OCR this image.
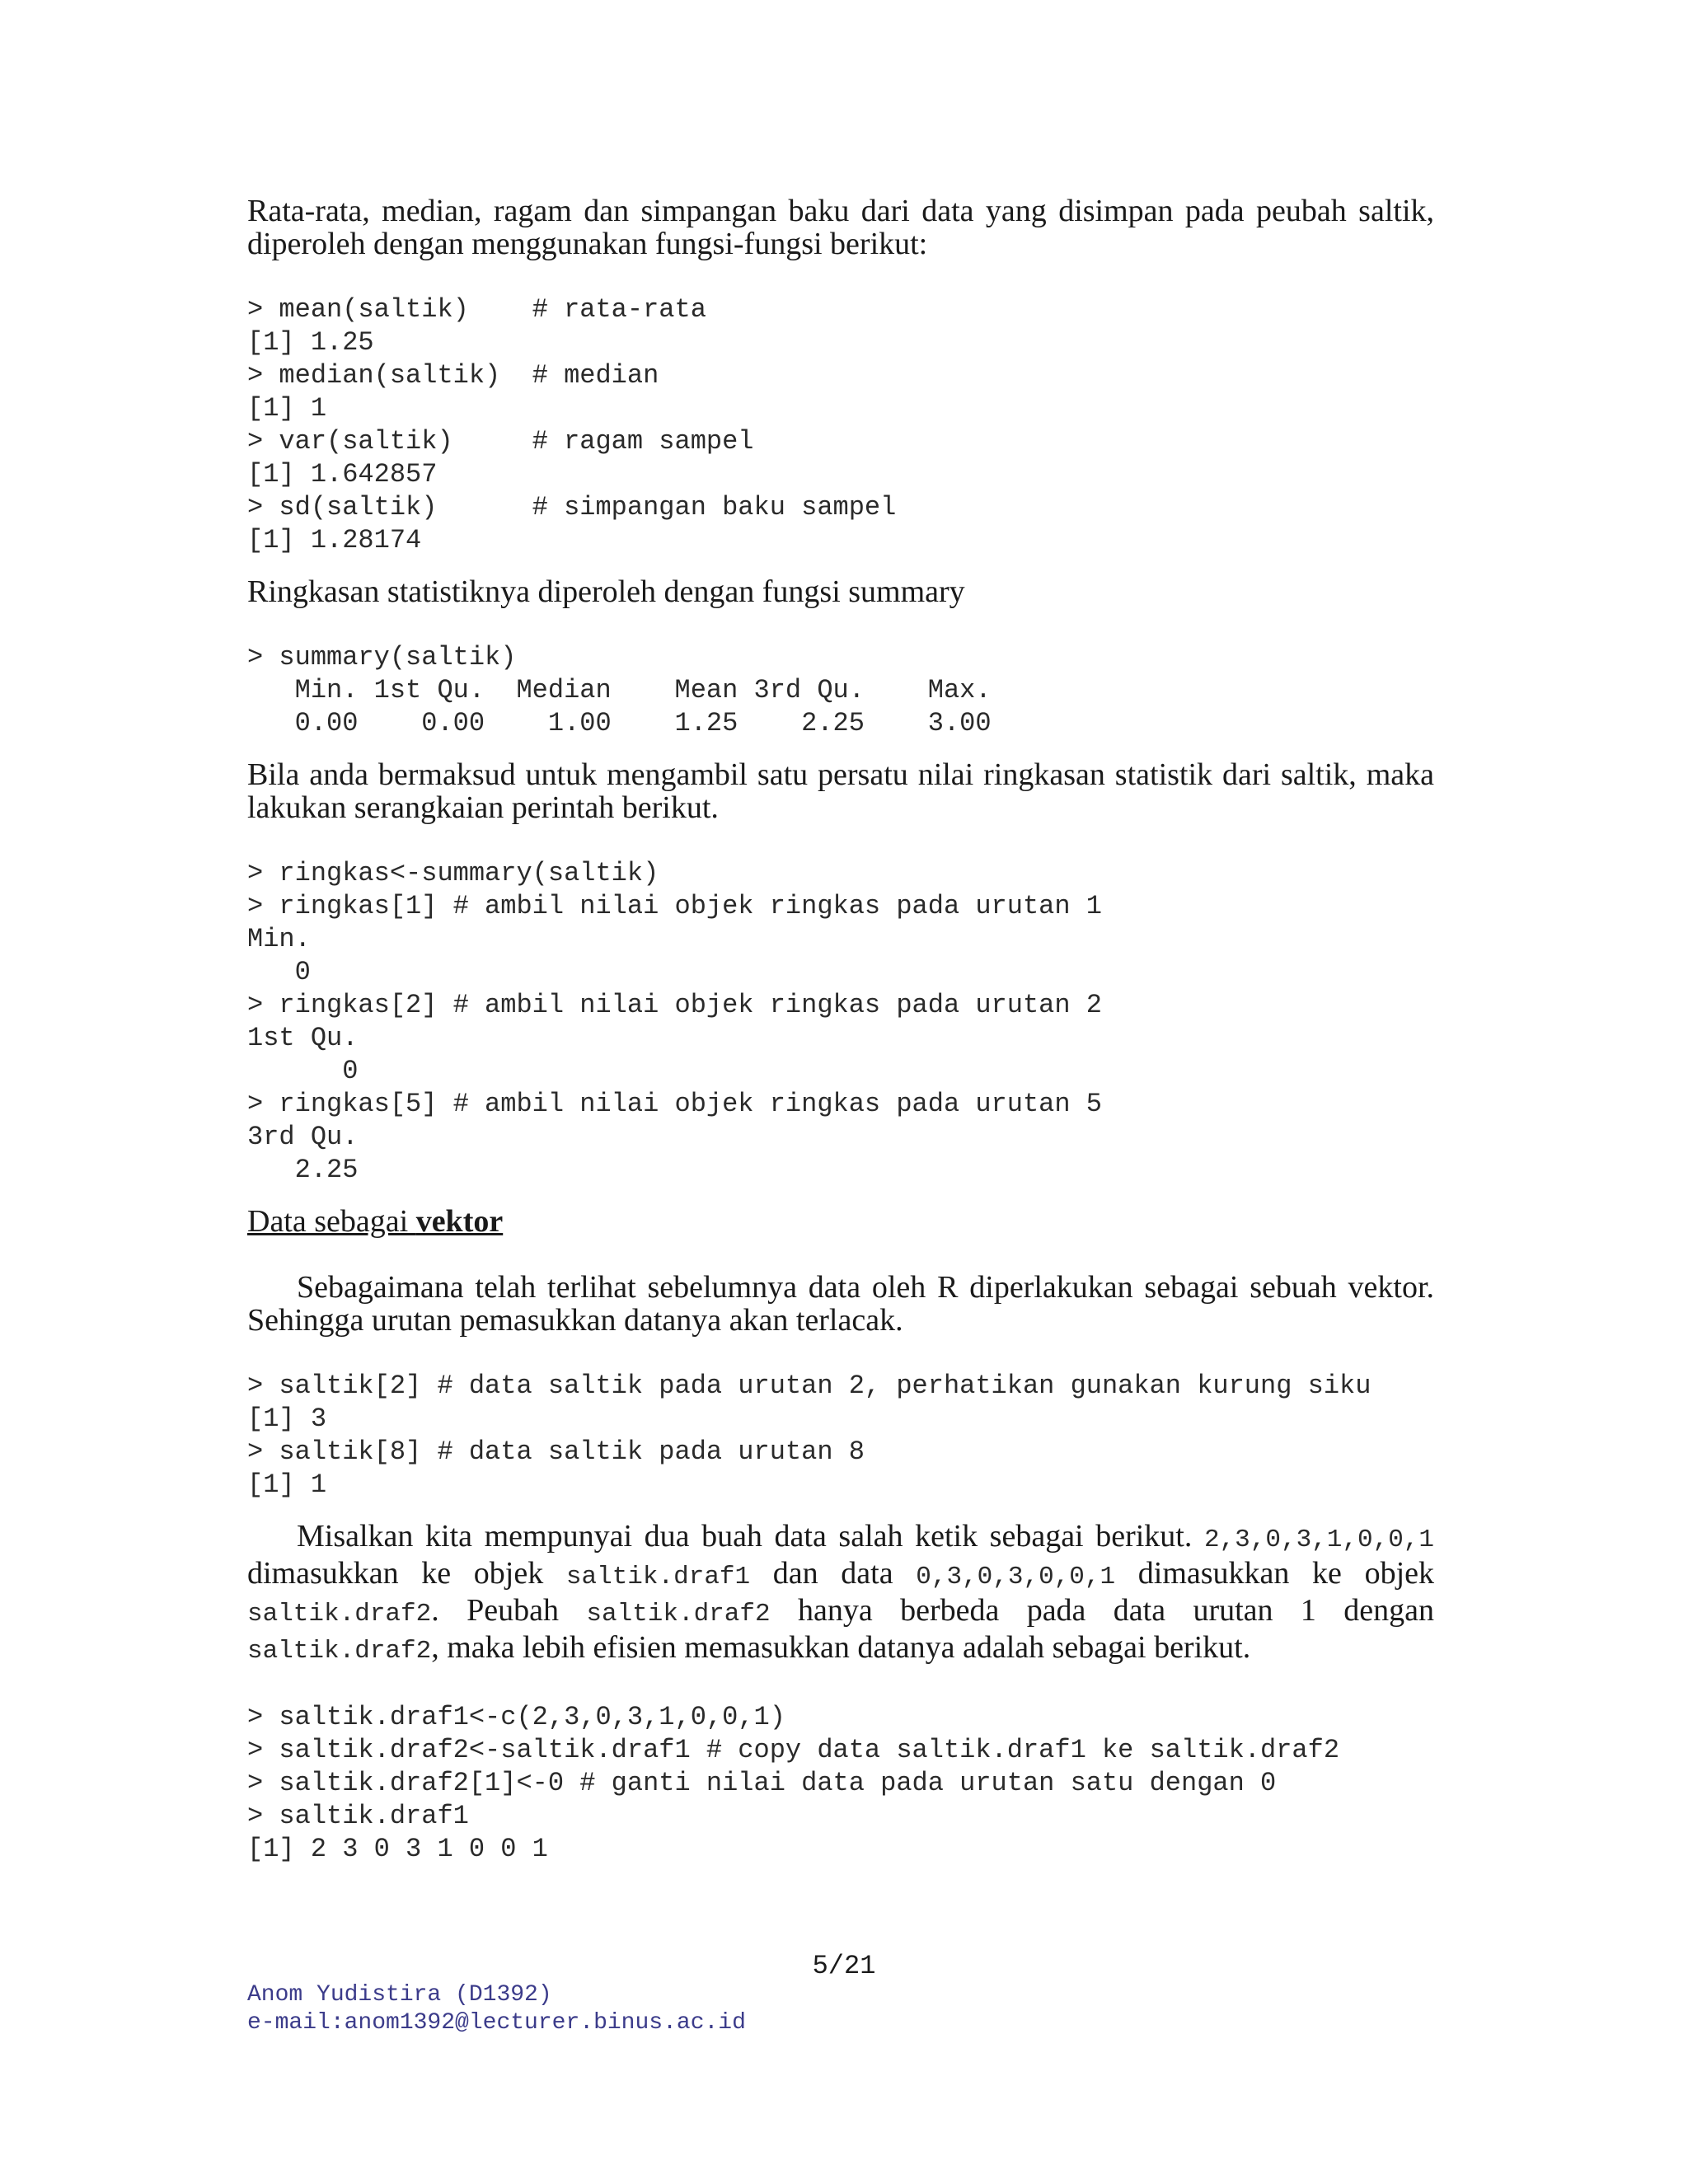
Rata-rata, median, ragam dan simpangan baku dari data yang disimpan pada peubah saltik, diperoleh dengan menggunakan fungsi-fungsi berikut:

> mean(saltik)    # rata-rata
[1] 1.25
> median(saltik)  # median
[1] 1
> var(saltik)     # ragam sampel
[1] 1.642857
> sd(saltik)      # simpangan baku sampel
[1] 1.28174

Ringkasan statistiknya diperoleh dengan fungsi summary

> summary(saltik)
Min. 1st Qu.  Median    Mean 3rd Qu.    Max.
0.00    0.00    1.00    1.25    2.25    3.00

Bila anda bermaksud untuk mengambil satu persatu nilai ringkasan statistik dari saltik, maka lakukan serangkaian perintah berikut.

> ringkas<-summary(saltik)
> ringkas[1] # ambil nilai objek ringkas pada urutan 1
Min.
0
> ringkas[2] # ambil nilai objek ringkas pada urutan 2
1st Qu.
0
> ringkas[5] # ambil nilai objek ringkas pada urutan 5
3rd Qu.
2.25

Data sebagai vektor

Sebagaimana telah terlihat sebelumnya data oleh R diperlakukan sebagai sebuah vektor. Sehingga urutan pemasukkan datanya akan terlacak.

> saltik[2] # data saltik pada urutan 2, perhatikan gunakan kurung siku
[1] 3
> saltik[8] # data saltik pada urutan 8
[1] 1

Misalkan kita mempunyai dua buah data salah ketik sebagai berikut. 2,3,0,3,1,0,0,1 dimasukkan ke objek saltik.draf1 dan data 0,3,0,3,0,0,1 dimasukkan ke objek saltik.draf2. Peubah saltik.draf2 hanya berbeda pada data urutan 1 dengan saltik.draf2, maka lebih efisien memasukkan datanya adalah sebagai berikut.

> saltik.draf1<-c(2,3,0,3,1,0,0,1)
> saltik.draf2<-saltik.draf1 # copy data saltik.draf1 ke saltik.draf2
> saltik.draf2[1]<-0 # ganti nilai data pada urutan satu dengan 0
> saltik.draf1
[1] 2 3 0 3 1 0 0 1
5/21
Anom Yudistira (D1392)
e-mail:anom1392@lecturer.binus.ac.id
